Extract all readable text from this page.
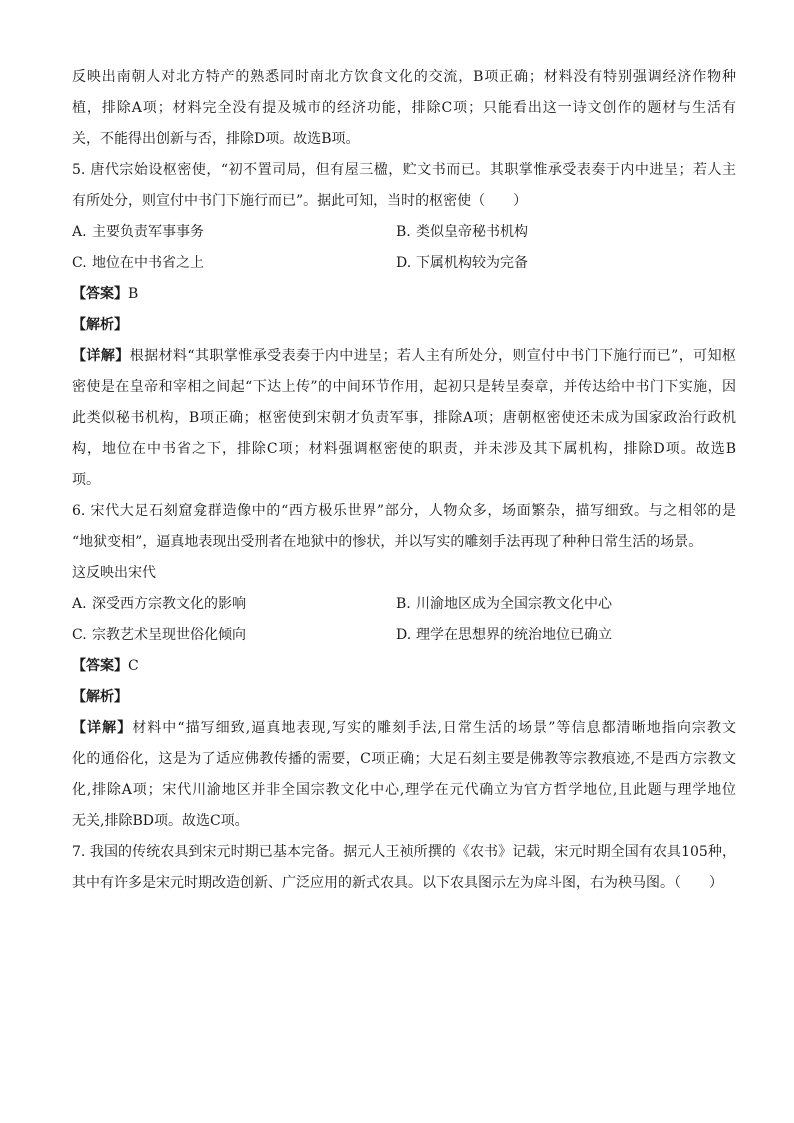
反映出南朝人对北方特产的熟悉同时南北方饮食文化的交流，B项正确；材料没有特别强调经济作物种
植，排除A项；材料完全没有提及城市的经济功能，排除C项；只能看出这一诗文创作的题材与生活有
关，不能得出创新与否，排除D项。故选B项。
5. 唐代宗始设枢密使，“初不置司局，但有屋三楹，贮文书而已。其职掌惟承受表奏于内中进呈；若人主
有所处分，则宣付中书门下施行而已”。据此可知，当时的枢密使（　　）
A. 主要负责军事事务	B. 类似皇帝秘书机构
C. 地位在中书省之上	D. 下属机构较为完备
【答案】B
【解析】
【详解】根据材料“其职掌惟承受表奏于内中进呈；若人主有所处分，则宣付中书门下施行而已”，可知枢
密使是在皇帝和宰相之间起“下达上传”的中间环节作用，起初只是转呈奏章，并传达给中书门下实施，因
此类似秘书机构，B项正确；枢密使到宋朝才负责军事，排除A项；唐朝枢密使还未成为国家政治行政机
构，地位在中书省之下，排除C项；材料强调枢密使的职责，并未涉及其下属机构，排除D项。故选B
项。
6. 宋代大足石刻窟龛群造像中的“西方极乐世界”部分，人物众多，场面繁杂，描写细致。与之相邻的是
“地狱变相”，逼真地表现出受刑者在地狱中的惨状，并以写实的雕刻手法再现了种种日常生活的场景。
这反映出宋代
A. 深受西方宗教文化的影响	B. 川渝地区成为全国宗教文化中心
C. 宗教艺术呈现世俗化倾向	D. 理学在思想界的统治地位已确立
【答案】C
【解析】
【详解】材料中“描写细致,逼真地表现,写实的雕刻手法,日常生活的场景”等信息都清晰地指向宗教文
化的通俗化，这是为了适应佛教传播的需要，C项正确；大足石刻主要是佛教等宗教痕迹,不是西方宗教文
化,排除A项；宋代川渝地区并非全国宗教文化中心,理学在元代确立为官方哲学地位,且此题与理学地位
无关,排除BD项。故选C项。
7. 我国的传统农具到宋元时期已基本完备。据元人王祯所撰的《农书》记载，宋元时期全国有农具105种，
其中有许多是宋元时期改造创新、广泛应用的新式农具。以下农具图示左为戽斗图，右为秧马图。（　　）
